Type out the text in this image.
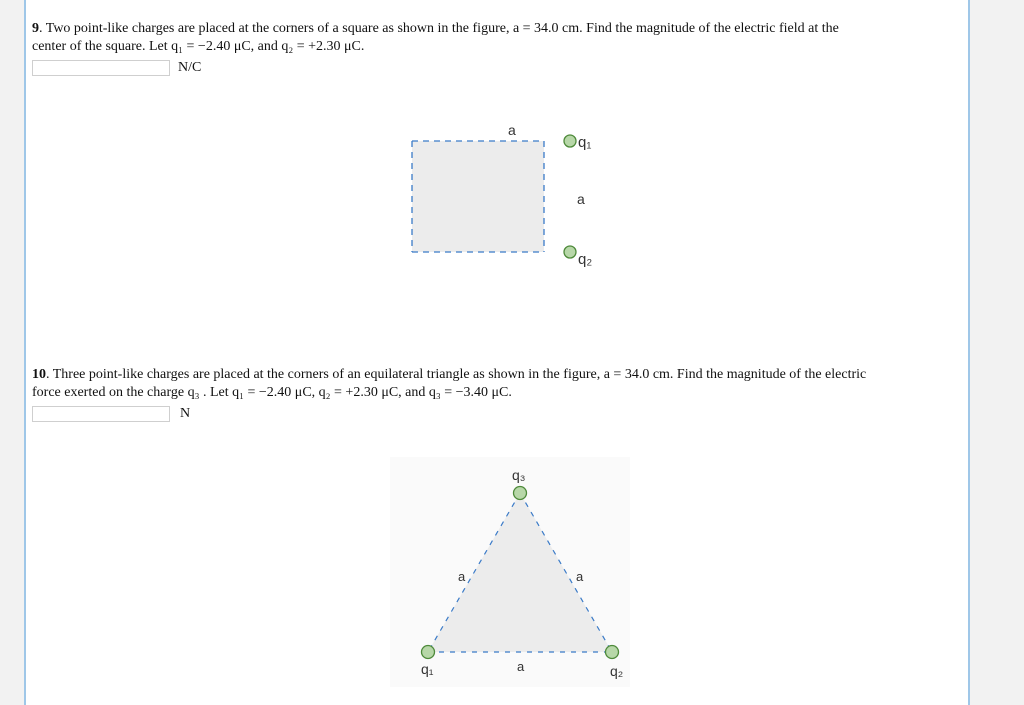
9. Two point-like charges are placed at the corners of a square as shown in the figure, a = 34.0 cm. Find the magnitude of the electric field at the
center of the square. Let q₁ = −2.40 μC, and q₂ = +2.30 μC.
N/C
a
a
q₁
q₂
10. Three point-like charges are placed at the corners of an equilateral triangle as shown in the figure, a = 34.0 cm. Find the magnitude of the electric
force exerted on the charge q₃ . Let q₁ = −2.40 μC, q₂ = +2.30 μC, and q₃ = −3.40 μC.
N
q₃
q₁	q₂
a	a
a
